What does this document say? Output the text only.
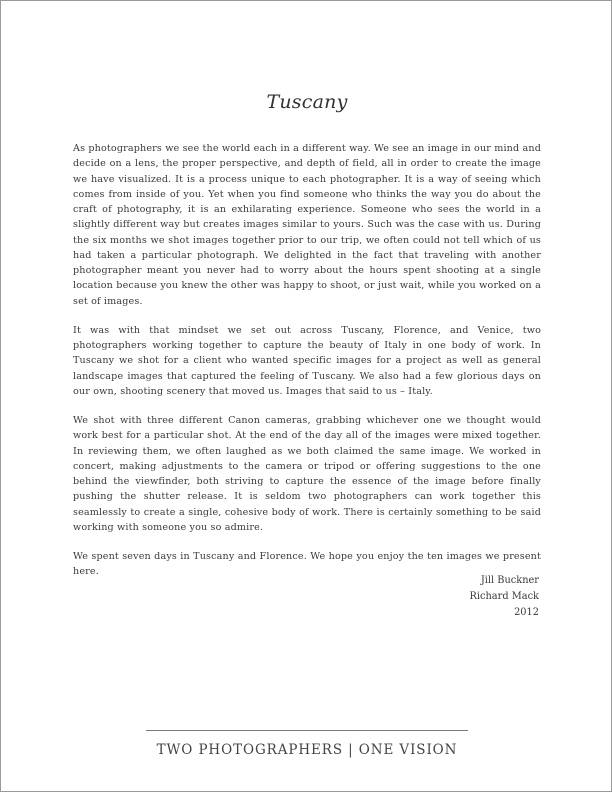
Tuscany

As photographers we see the world each in a different way. We see an image in our mind and decide on a lens, the proper perspective, and depth of field, all in order to create the image we have visualized. It is a process unique to each photographer. It is a way of seeing which comes from inside of you. Yet when you find someone who thinks the way you do about the craft of photography, it is an exhilarating experience. Someone who sees the world in a slightly different way but creates images similar to yours. Such was the case with us. During the six months we shot images together prior to our trip, we often could not tell which of us had taken a particular photograph. We delighted in the fact that traveling with another photographer meant you never had to worry about the hours spent shooting at a single location because you knew the other was happy to shoot, or just wait, while you worked on a set of images.

It was with that mindset we set out across Tuscany, Florence, and Venice, two photographers working together to capture the beauty of Italy in one body of work. In Tuscany we shot for a client who wanted specific images for a project as well as general landscape images that captured the feeling of Tuscany. We also had a few glorious days on our own, shooting scenery that moved us. Images that said to us – Italy.

We shot with three different Canon cameras, grabbing whichever one we thought would work best for a particular shot. At the end of the day all of the images were mixed together. In reviewing them, we often laughed as we both claimed the same image. We worked in concert, making adjustments to the camera or tripod or offering suggestions to the one behind the viewfinder, both striving to capture the essence of the image before finally pushing the shutter release. It is seldom two photographers can work together this seamlessly to create a single, cohesive body of work. There is certainly something to be said working with someone you so admire.

We spent seven days in Tuscany and Florence. We hope you enjoy the ten images we present here.

Jill Buckner
Richard Mack
2012
TWO PHOTOGRAPHERS | ONE VISION
